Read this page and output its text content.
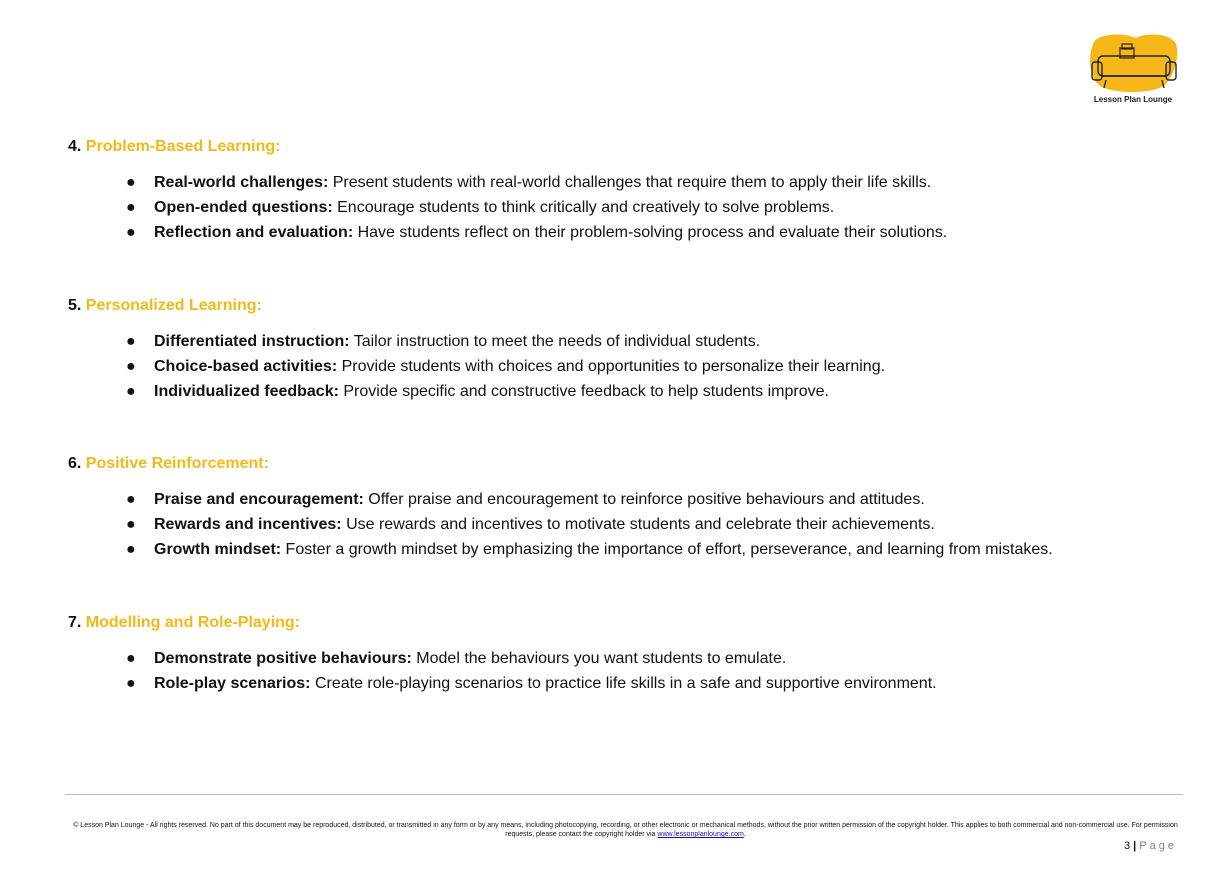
Lesson Plan Lounge

4. Problem-Based Learning:

● Real-world challenges: Present students with real-world challenges that require them to apply their life skills.
● Open-ended questions: Encourage students to think critically and creatively to solve problems.
● Reflection and evaluation: Have students reflect on their problem-solving process and evaluate their solutions.

5. Personalized Learning:

● Differentiated instruction: Tailor instruction to meet the needs of individual students.
● Choice-based activities: Provide students with choices and opportunities to personalize their learning.
● Individualized feedback: Provide specific and constructive feedback to help students improve.

6. Positive Reinforcement:

● Praise and encouragement: Offer praise and encouragement to reinforce positive behaviours and attitudes.
● Rewards and incentives: Use rewards and incentives to motivate students and celebrate their achievements.
● Growth mindset: Foster a growth mindset by emphasizing the importance of effort, perseverance, and learning from mistakes.

7. Modelling and Role-Playing:

● Demonstrate positive behaviours: Model the behaviours you want students to emulate.
● Role-play scenarios: Create role-playing scenarios to practice life skills in a safe and supportive environment.
© Lesson Plan Lounge - All rights reserved. No part of this document may be reproduced, distributed, or transmitted in any form or by any means, including photocopying, recording, or other electronic or mechanical methods, without the prior written permission of the copyright holder. This applies to both commercial and non-commercial use. For permission requests, please contact the copyright holder via www.lessonplanlounge.com.
3 | Page
